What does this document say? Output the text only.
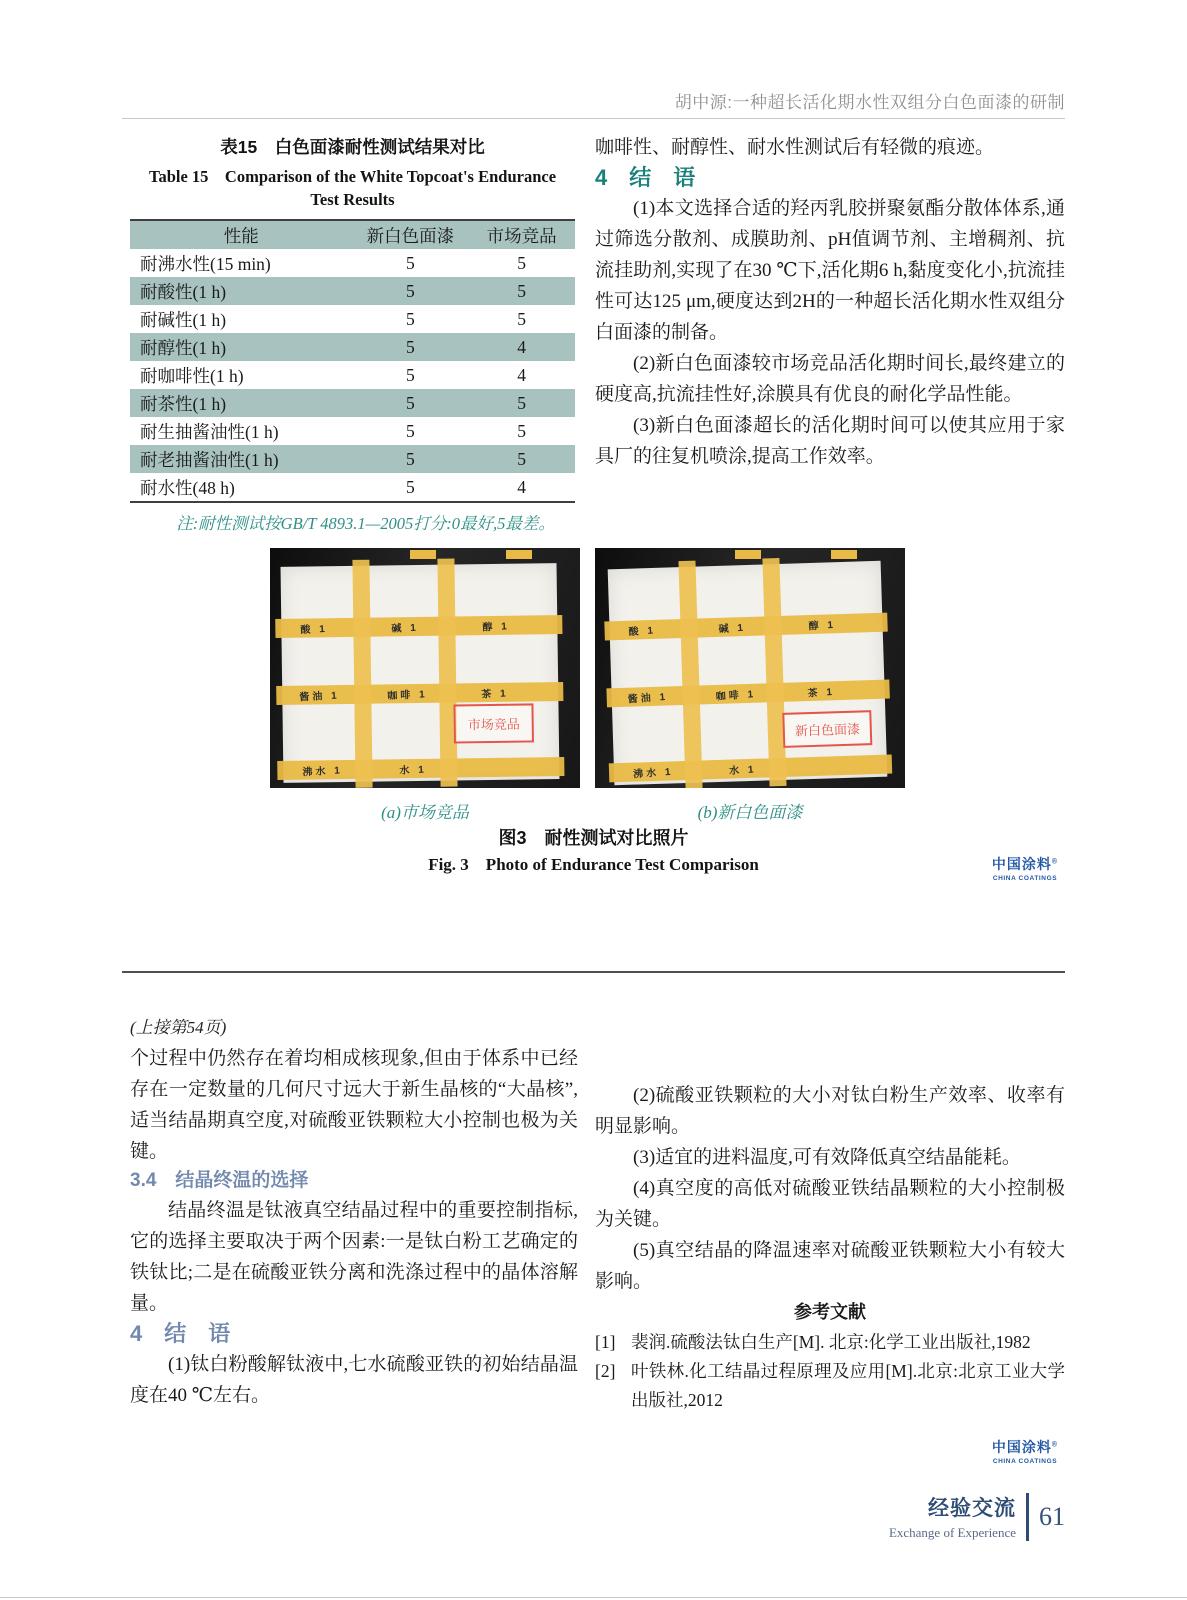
胡中源:一种超长活化期水性双组分白色面漆的研制
表15　白色面漆耐性测试结果对比
Table 15　Comparison of the White Topcoat's Endurance
Test Results
性能	新白色面漆	市场竞品
耐沸水性(15 min)	5	5
耐酸性(1 h)	5	5
耐碱性(1 h)	5	5
耐醇性(1 h)	5	4
耐咖啡性(1 h)	5	4
耐茶性(1 h)	5	5
耐生抽酱油性(1 h)	5	5
耐老抽酱油性(1 h)	5	5
耐水性(48 h)	5	4
注:耐性测试按GB/T 4893.1—2005打分:0最好,5最差。

咖啡性、耐醇性、耐水性测试后有轻微的痕迹。

4　结　语

(1)本文选择合适的羟丙乳胶拼聚氨酯分散体体系,通过筛选分散剂、成膜助剂、pH值调节剂、主增稠剂、抗流挂助剂,实现了在30 ℃下,活化期6 h,黏度变化小,抗流挂性可达125 μm,硬度达到2H的一种超长活化期水性双组分白面漆的制备。

(2)新白色面漆较市场竞品活化期时间长,最终建立的硬度高,抗流挂性好,涂膜具有优良的耐化学品性能。

(3)新白色面漆超长的活化期时间可以使其应用于家具厂的往复机喷涂,提高工作效率。

酸 1	碱 1	醇 1
酱油 1	咖啡 1	茶 1
沸水 1	水 1
市场竞品
酸 1	碱 1	醇 1
酱油 1	咖啡 1	茶 1
沸水 1	水 1
新白色面漆
(a)市场竞品	(b)新白色面漆
图3　耐性测试对比照片
Fig. 3　Photo of Endurance Test Comparison	中国涂料®
CHINA COATINGS

(上接第54页)

个过程中仍然存在着均相成核现象,但由于体系中已经存在一定数量的几何尺寸远大于新生晶核的“大晶核”,适当结晶期真空度,对硫酸亚铁颗粒大小控制也极为关键。

3.4　结晶终温的选择

结晶终温是钛液真空结晶过程中的重要控制指标,它的选择主要取决于两个因素:一是钛白粉工艺确定的铁钛比;二是在硫酸亚铁分离和洗涤过程中的晶体溶解量。

4　结　语

(1)钛白粉酸解钛液中,七水硫酸亚铁的初始结晶温度在40 ℃左右。

(2)硫酸亚铁颗粒的大小对钛白粉生产效率、收率有明显影响。

(3)适宜的进料温度,可有效降低真空结晶能耗。

(4)真空度的高低对硫酸亚铁结晶颗粒的大小控制极为关键。

(5)真空结晶的降温速率对硫酸亚铁颗粒大小有较大影响。

参考文献

[1] 裴润.硫酸法钛白生产[M]. 北京:化学工业出版社,1982
[2] 叶铁林.化工结晶过程原理及应用[M].北京:北京工业大学出版社,2012
中国涂料®
CHINA COATINGS
经验交流
Exchange of Experience
61
